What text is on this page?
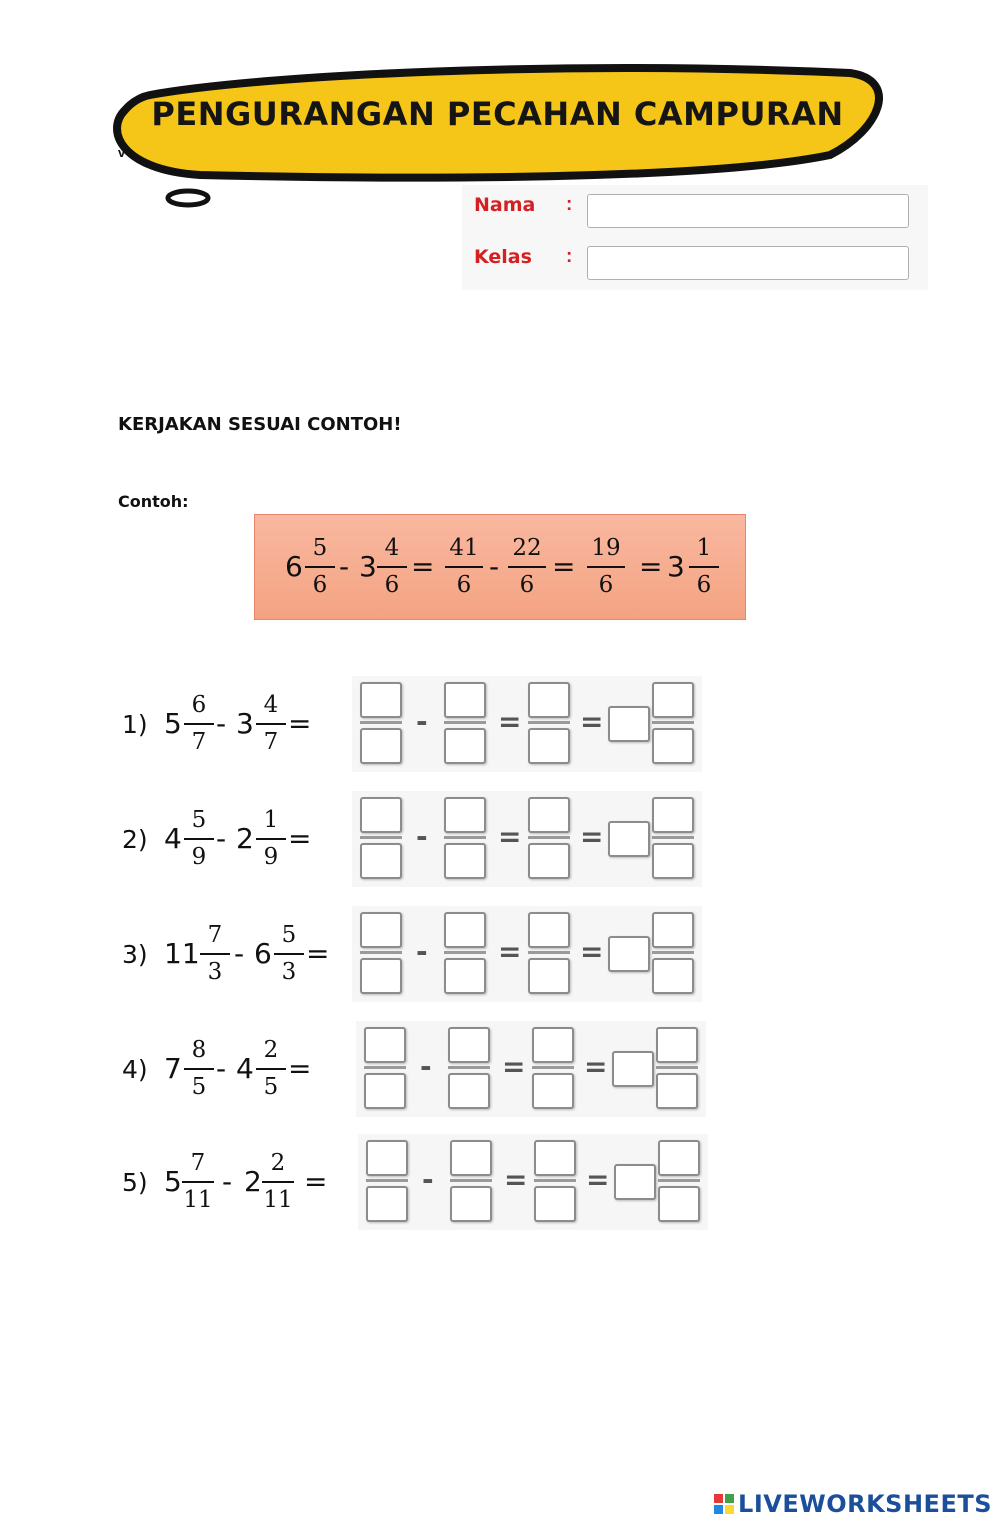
PENGURANGAN PECAHAN CAMPURAN
v
Nama :
Kelas :
KERJAKAN SESUAI CONTOH!
Contoh:
6
5
6
- 3
4
6
=
41
6
-
22
6
=
19
6
= 3
1
6
1) 5
6
7
- 3
4
7
=	-	= =
2) 4
5
9
- 2
1
9
=	-	= =
3) 11
7
3
- 6
5
3
=	-	= =
4) 7
8
5
- 4
2
5
=	-	= =
5) 5
7
11
- 2
2
11
=	-	= =
LIVEWORKSHEETS
